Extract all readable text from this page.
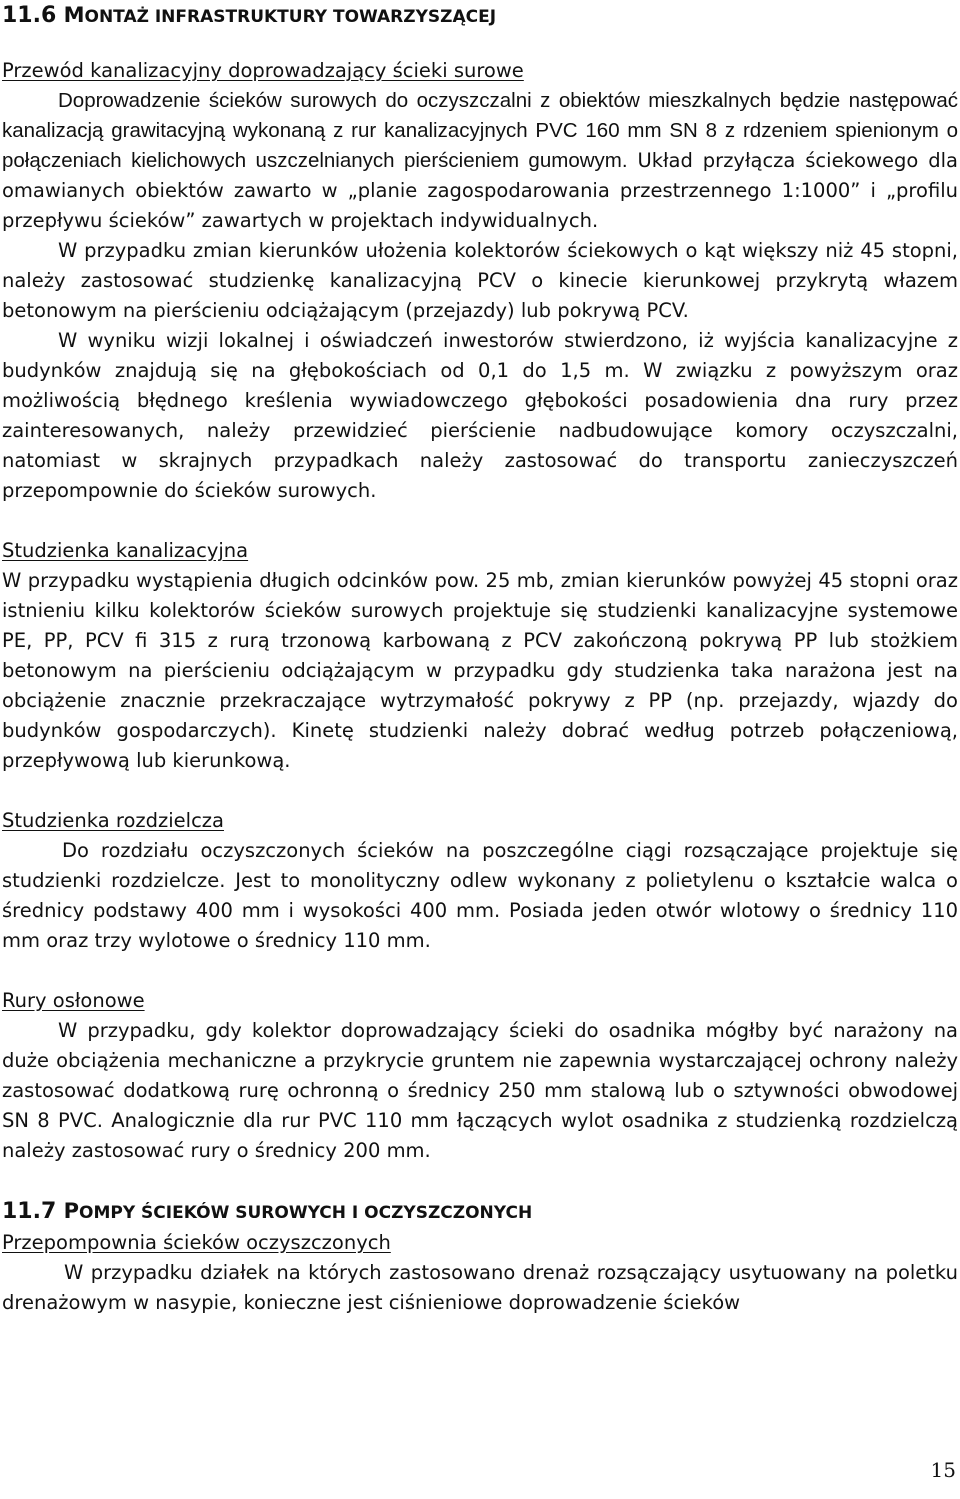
11.6 MONTAŻ INFRASTRUKTURY TOWARZYSZĄCEJ

Przewód kanalizacyjny doprowadzający ścieki surowe

Doprowadzenie ścieków surowych do oczyszczalni z obiektów mieszkalnych będzie następować kanalizacją grawitacyjną wykonaną z rur kanalizacyjnych PVC 160 mm SN 8 z rdzeniem spienionym o połączeniach kielichowych uszczelnianych pierścieniem gumowym. Układ przyłącza ściekowego dla omawianych obiektów zawarto w „planie zagospodarowania przestrzennego 1:1000” i „profilu przepływu ścieków” zawartych w projektach indywidualnych.

W przypadku zmian kierunków ułożenia kolektorów ściekowych o kąt większy niż 45 stopni, należy zastosować studzienkę kanalizacyjną PCV o kinecie kierunkowej przykrytą włazem betonowym na pierścieniu odciążającym (przejazdy) lub pokrywą PCV.

W wyniku wizji lokalnej i oświadczeń inwestorów stwierdzono, iż wyjścia kanalizacyjne z budynków znajdują się na głębokościach od 0,1 do 1,5 m. W związku z powyższym oraz możliwością błędnego kreślenia wywiadowczego głębokości posadowienia dna rury przez zainteresowanych, należy przewidzieć pierścienie nadbudowujące komory oczyszczalni, natomiast w skrajnych przypadkach należy zastosować do transportu zanieczyszczeń przepompownie do ścieków surowych.

Studzienka kanalizacyjna

W przypadku wystąpienia długich odcinków pow. 25 mb, zmian kierunków powyżej 45 stopni oraz istnieniu kilku kolektorów ścieków surowych projektuje się studzienki kanalizacyjne systemowe PE, PP, PCV fi 315 z rurą trzonową karbowaną z PCV zakończoną pokrywą PP lub stożkiem betonowym na pierścieniu odciążającym w przypadku gdy studzienka taka narażona jest na obciążenie znacznie przekraczające wytrzymałość pokrywy z PP (np. przejazdy, wjazdy do budynków gospodarczych). Kinetę studzienki należy dobrać według potrzeb połączeniową, przepływową lub kierunkową.

Studzienka rozdzielcza

Do rozdziału oczyszczonych ścieków na poszczególne ciągi rozsączające projektuje się studzienki rozdzielcze. Jest to monolityczny odlew wykonany z polietylenu o kształcie walca o średnicy podstawy 400 mm i wysokości 400 mm. Posiada jeden otwór wlotowy o średnicy 110 mm oraz trzy wylotowe o średnicy 110 mm.

Rury osłonowe

W przypadku, gdy kolektor doprowadzający ścieki do osadnika mógłby być narażony na duże obciążenia mechaniczne a przykrycie gruntem nie zapewnia wystarczającej ochrony należy zastosować dodatkową rurę ochronną o średnicy 250 mm stalową lub o sztywności obwodowej SN 8 PVC. Analogicznie dla rur PVC 110 mm łączących wylot osadnika z studzienką rozdzielczą należy zastosować rury o średnicy 200 mm.

11.7 POMPY ŚCIEKÓW SUROWYCH I OCZYSZCZONYCH

Przepompownia ścieków oczyszczonych

W przypadku działek na których zastosowano drenaż rozsączający usytuowany na poletku drenażowym w nasypie, konieczne jest ciśnieniowe doprowadzenie ścieków

15
